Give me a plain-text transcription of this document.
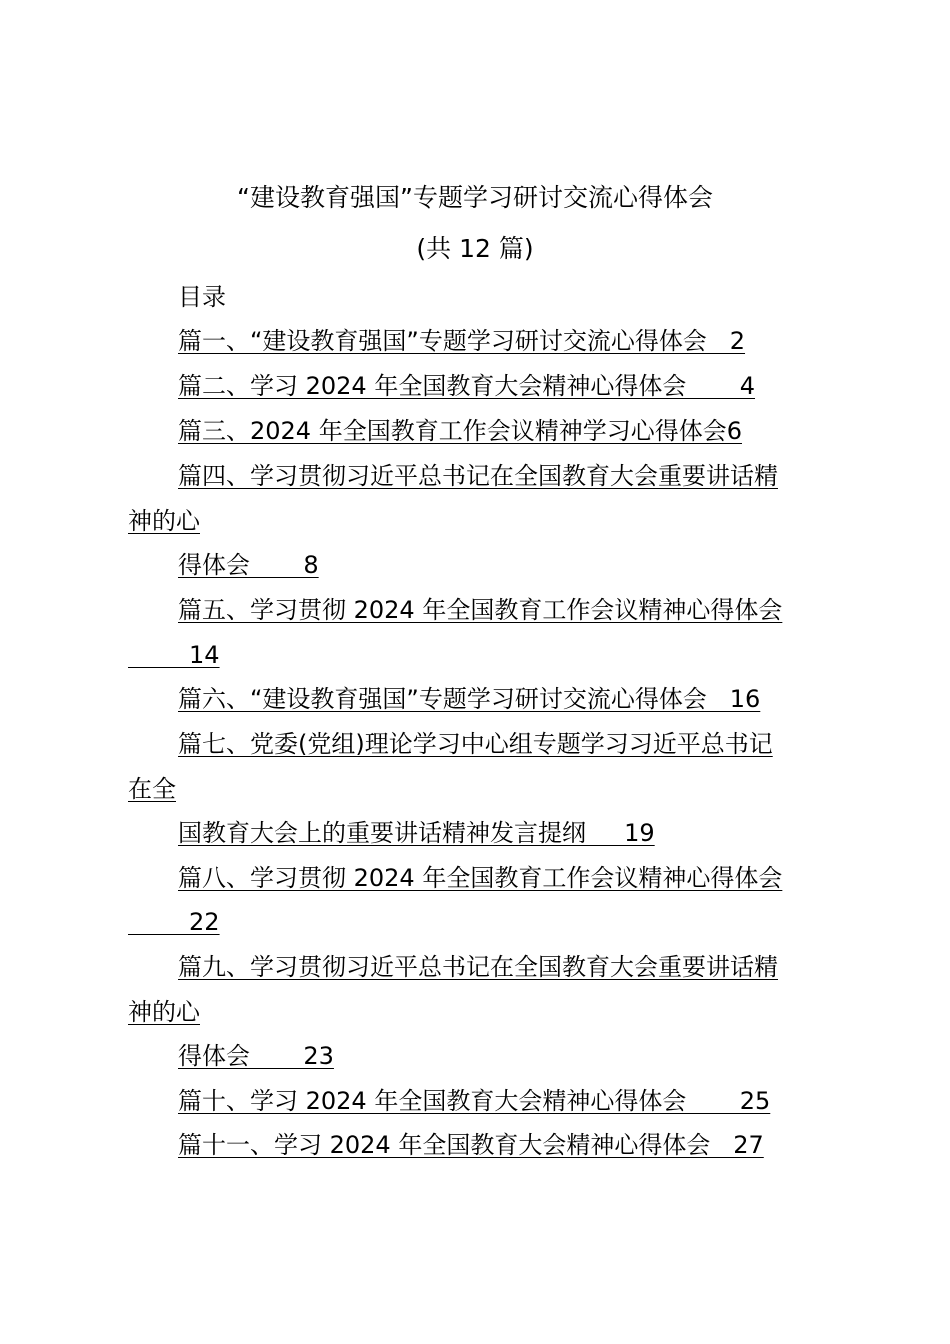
“建设教育强国”专题学习研讨交流心得体会
(共 12 篇)
目录
篇一、“建设教育强国”专题学习研讨交流心得体会   2
篇二、学习 2024 年全国教育大会精神心得体会       4
篇三、2024 年全国教育工作会议精神学习心得体会6
篇四、学习贯彻习近平总书记在全国教育大会重要讲话精
神的心
得体会       8
篇五、学习贯彻 2024 年全国教育工作会议精神心得体会
14
篇六、“建设教育强国”专题学习研讨交流心得体会   16
篇七、党委(党组)理论学习中心组专题学习习近平总书记
在全
国教育大会上的重要讲话精神发言提纲     19
篇八、学习贯彻 2024 年全国教育工作会议精神心得体会
22
篇九、学习贯彻习近平总书记在全国教育大会重要讲话精
神的心
得体会       23
篇十、学习 2024 年全国教育大会精神心得体会       25
篇十一、学习 2024 年全国教育大会精神心得体会   27
